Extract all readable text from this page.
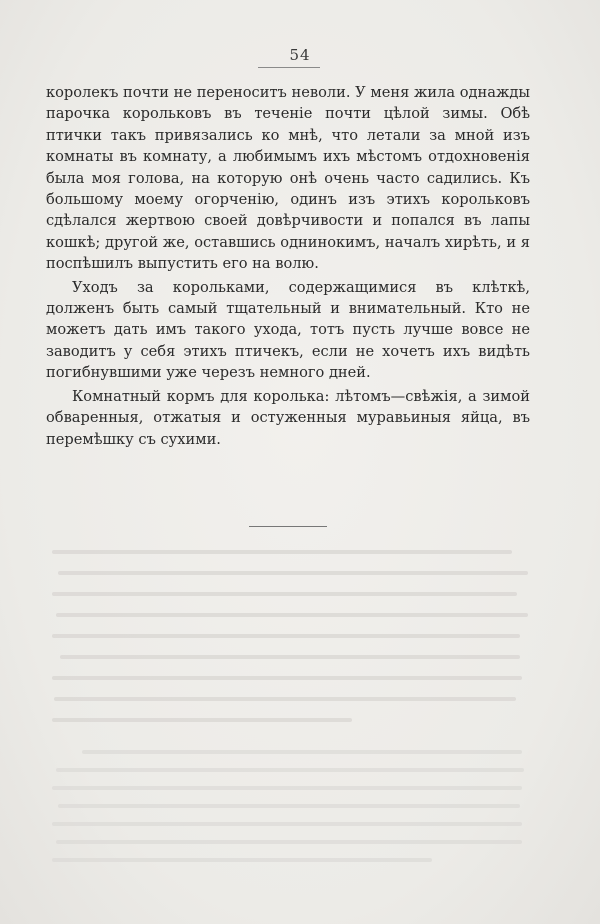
54

королекъ почти не переноситъ неволи. У меня жила однажды парочка корольковъ въ теченіе почти цѣлой зимы. Обѣ птички такъ привязались ко мнѣ, что летали за мной изъ комнаты въ комнату, а любимымъ ихъ мѣстомъ отдохновенія была моя голова, на которую онѣ очень часто садились. Къ большому моему огорченію, одинъ изъ этихъ корольковъ сдѣлался жертвою своей довѣрчивости и попался въ лапы кошкѣ; другой же, оставшись однинокимъ, началъ хирѣть, и я поспѣшилъ выпустить его на волю.

Уходъ за корольками, содержащимися въ клѣткѣ, долженъ быть самый тщательный и внимательный. Кто не можетъ дать имъ такого ухода, тотъ пусть лучше вовсе не заводитъ у себя этихъ птичекъ, если не хочетъ ихъ видѣть погибнувшими уже черезъ немного дней.

Комнатный кормъ для королька: лѣтомъ—свѣжія, а зимой обваренныя, отжатыя и остуженныя муравьиныя яйца, въ перемѣшку съ сухими.
